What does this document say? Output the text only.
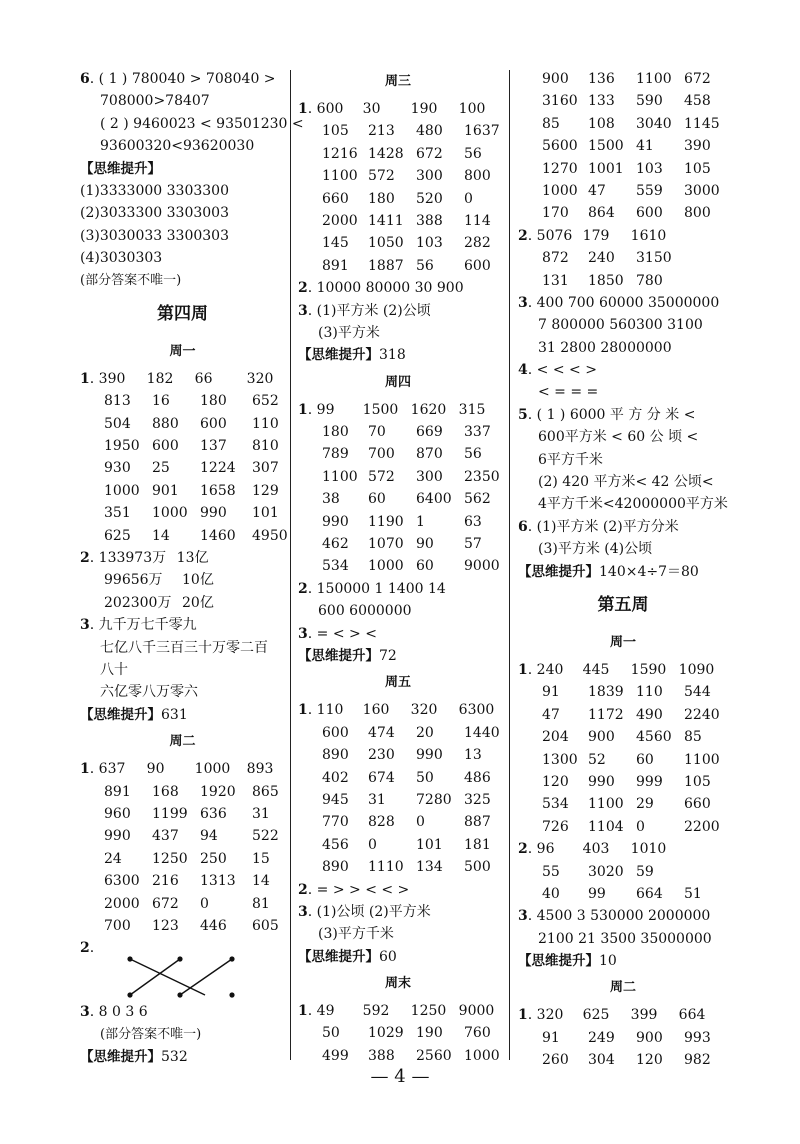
6. ( 1 ) 780040 > 708040 >
708000>78407
( 2 ) 9460023 < 93501230 <
93600320<93620030
【思维提升】
(1)3333000 3303300
(2)3033300 3303003
(3)3030033 3300303
(4)3030303
(部分答案不唯一)
第四周
周一
1. 390 182 66 320
813 16 180 652
504 880 600 110
1950 600 137 810
930 25 1224 307
1000 901 1658 129
351 1000 990 101
625 14 1460 4950
2. 133973万 13亿
99656万 10亿
202300万 20亿
3. 九千万七千零九
七亿八千三百三十万零二百
八十
六亿零八万零六
【思维提升】631
周二
1. 637 90 1000 893
891 168 1920 865
960 1199 636 31
990 437 94 522
24 1250 250 15
6300 216 1313 14
2000 672 0	81
700 123 446 605
2.
3. 8 0 3 6
(部分答案不唯一)
【思维提升】532
周三
1. 600 30 190 100
105 213 480 1637
1216 1428 672 56
1100 572 300 800
660 180 520 0
2000 1411 388 114
145 1050 103 282
891 1887 56 600
2. 10000 80000 30 900
3. (1)平方米 (2)公顷
(3)平方米
【思维提升】318
周四
1. 99 1500 1620 315
180 70 669 337
789 700 870 56
1100 572 300 2350
38 60 6400 562
990 1190 1	63
462 1070 90 57
534 1000 60 9000
2. 150000 1 1400 14
600 6000000
3. = < > <
【思维提升】72
周五
1. 110 160 320 6300
600 474 20 1440
890 230 990 13
402 674 50 486
945 31 7280 325
770 828 0	887
456 0	101 181
890 1110 134 500
2. = > > < < >
3. (1)公顷 (2)平方米
(3)平方千米
【思维提升】60
周末
1. 49 592 1250 9000
50 1029 190 760
499 388 2560 1000
900 136 1100 672
3160 133 590 458
85 108 3040 1145
5600 1500 41 390
1270 1001 103 105
1000 47 559 3000
170 864 600 800
2. 5076 179 1610
872 240 3150
131 1850 780
3. 400 700 60000 35000000
7 800000 560300 3100
31 2800 28000000
4. < < < >
< = = =
5. ( 1 ) 6000 平 方 分 米 <
600平方米 < 60 公 顷 <
6平方千米
(2) 420 平方米< 42 公顷<
4平方千米<42000000平方米
6. (1)平方米 (2)平方分米
(3)平方米 (4)公顷
【思维提升】140×4÷7＝80
第五周
周一
1. 240 445 1590 1090
91 1839 110 544
47 1172 490 2240
204 900 4560 85
1300 52 60 1100
120 990 999 105
534 1100 29 660
726 1104 0	2200
2. 96 403 1010
55 3020 59
40 99 664 51
3. 4500 3 530000 2000000
2100 21 3500 35000000
【思维提升】10
周二
1. 320 625 399 664
91 249 900 993
260 304 120 982
— 4 —
